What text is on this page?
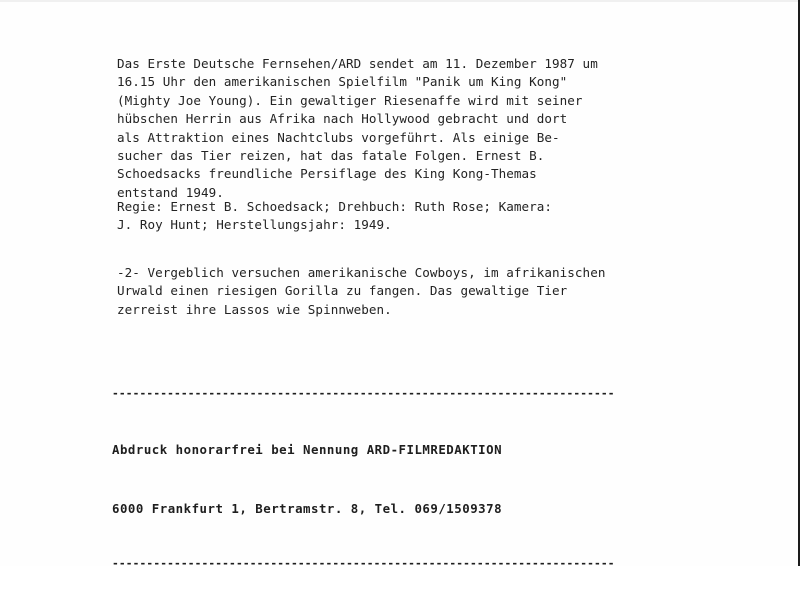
Das Erste Deutsche Fernsehen/ARD sendet am 11. Dezember 1987 um
16.15 Uhr den amerikanischen Spielfilm "Panik um King Kong"
(Mighty Joe Young). Ein gewaltiger Riesenaffe wird mit seiner
hübschen Herrin aus Afrika nach Hollywood gebracht und dort
als Attraktion eines Nachtclubs vorgeführt. Als einige Be-
sucher das Tier reizen, hat das fatale Folgen. Ernest B.
Schoedsacks freundliche Persiflage des King Kong-Themas
entstand 1949.
Regie: Ernest B. Schoedsack; Drehbuch: Ruth Rose; Kamera:
J. Roy Hunt; Herstellungsjahr: 1949.
-2- Vergeblich versuchen amerikanische Cowboys, im afrikanischen
Urwald einen riesigen Gorilla zu fangen. Das gewaltige Tier
zerreist ihre Lassos wie Spinnweben.

-------------------------------------------------------------------------

Abdruck honorarfrei bei Nennung ARD-FILMREDAKTION

6000 Frankfurt 1, Bertramstr. 8, Tel. 069/1509378

-------------------------------------------------------------------------
